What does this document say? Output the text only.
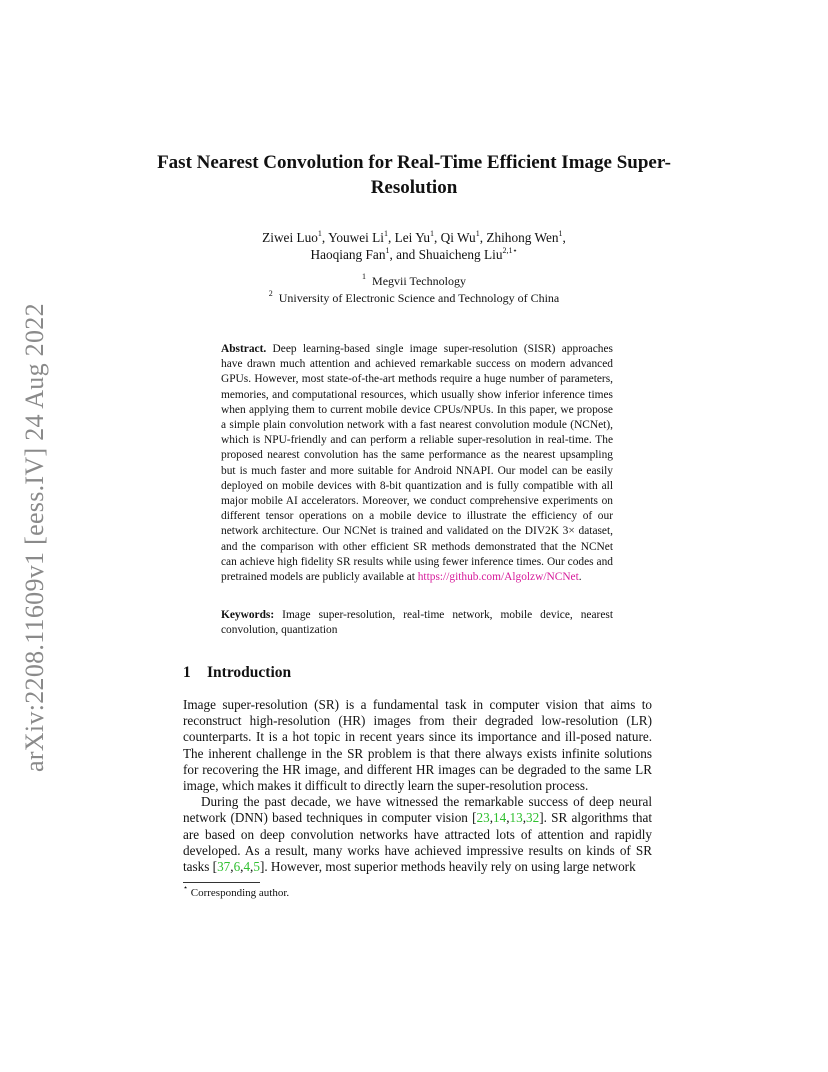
arXiv:2208.11609v1 [eess.IV] 24 Aug 2022
Fast Nearest Convolution for Real-Time Efficient Image Super-Resolution
Ziwei Luo$^1$, Youwei Li$^1$, Lei Yu$^1$, Qi Wu$^1$, Zhihong Wen$^1$,
Haoqiang Fan$^1$, and Shuaicheng Liu$^{2,1⋆}$
$^1$ Megvii Technology
$^2$ University of Electronic Science and Technology of China
Abstract. Deep learning-based single image super-resolution (SISR) approaches have drawn much attention and achieved remarkable success on modern advanced GPUs. However, most state-of-the-art methods require a huge number of parameters, memories, and computational resources, which usually show inferior inference times when applying them to current mobile device CPUs/NPUs. In this paper, we propose a simple plain convolution network with a fast nearest convolution module (NCNet), which is NPU-friendly and can perform a reliable super-resolution in real-time. The proposed nearest convolution has the same performance as the nearest upsampling but is much faster and more suitable for Android NNAPI. Our model can be easily deployed on mobile devices with 8-bit quantization and is fully compatible with all major mobile AI accelerators. Moreover, we conduct comprehensive experiments on different tensor operations on a mobile device to illustrate the efficiency of our network architecture. Our NCNet is trained and validated on the DIV2K 3× dataset, and the comparison with other efficient SR methods demonstrated that the NCNet can achieve high fidelity SR results while using fewer inference times. Our codes and pretrained models are publicly available at https://github.com/Algolzw/NCNet.
Keywords: Image super-resolution, real-time network, mobile device, nearest convolution, quantization
1 Introduction

Image super-resolution (SR) is a fundamental task in computer vision that aims to reconstruct high-resolution (HR) images from their degraded low-resolution (LR) counterparts. It is a hot topic in recent years since its importance and ill-posed nature. The inherent challenge in the SR problem is that there always exists infinite solutions for recovering the HR image, and different HR images can be degraded to the same LR image, which makes it difficult to directly learn the super-resolution process.

During the past decade, we have witnessed the remarkable success of deep neural network (DNN) based techniques in computer vision [23,14,13,32]. SR algorithms that are based on deep convolution networks have attracted lots of attention and rapidly developed. As a result, many works have achieved impressive results on kinds of SR tasks [37,6,4,5]. However, most superior methods heavily rely on using large network

⋆ Corresponding author.
